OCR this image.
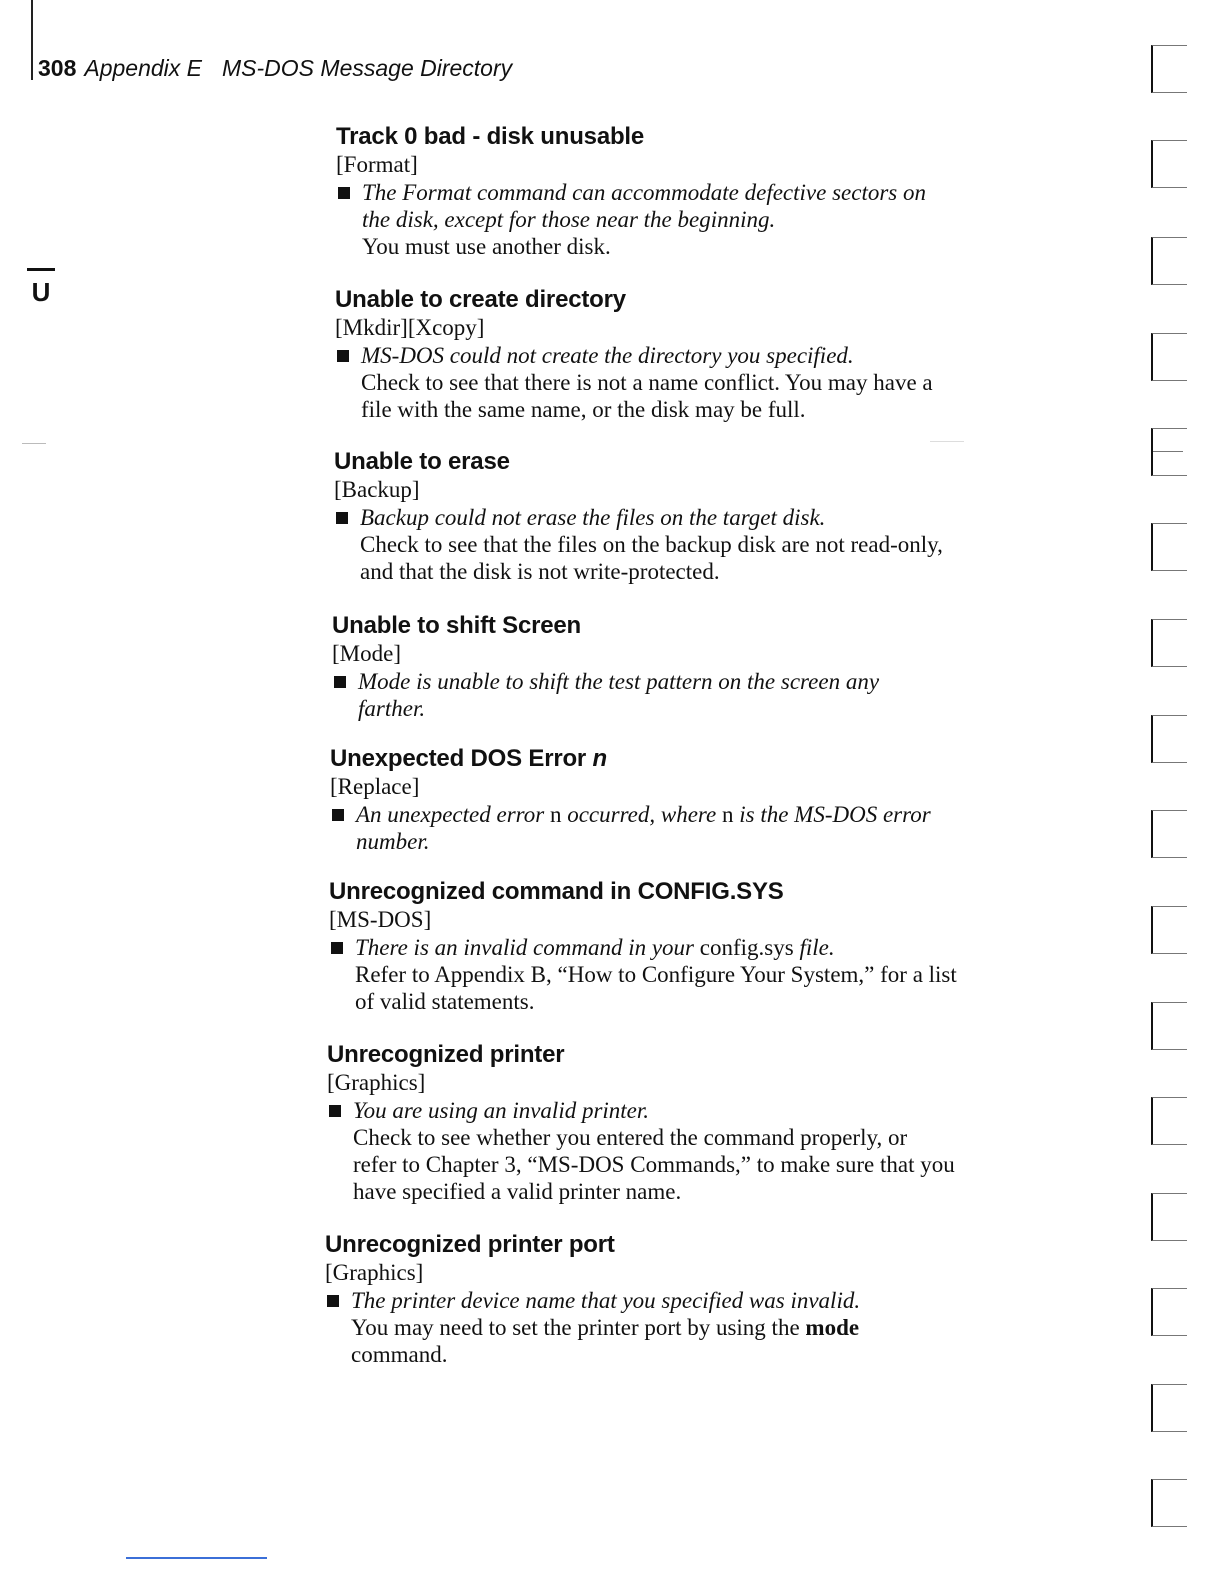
308 Appendix E MS-DOS Message Directory
U
Track 0 bad - disk unusable
[Format]
The Format command can accommodate defective sectors on
the disk, except for those near the beginning.
You must use another disk.
Unable to create directory
[Mkdir][Xcopy]
MS-DOS could not create the directory you specified.
Check to see that there is not a name conflict. You may have a
file with the same name, or the disk may be full.
Unable to erase
[Backup]
Backup could not erase the files on the target disk.
Check to see that the files on the backup disk are not read-only,
and that the disk is not write-protected.
Unable to shift Screen
[Mode]
Mode is unable to shift the test pattern on the screen any
farther.
Unexpected DOS Error n
[Replace]
An unexpected error n occurred, where n is the MS-DOS error
number.
Unrecognized command in CONFIG.SYS
[MS-DOS]
There is an invalid command in your config.sys file.
Refer to Appendix B, “How to Configure Your System,” for a list
of valid statements.
Unrecognized printer
[Graphics]
You are using an invalid printer.
Check to see whether you entered the command properly, or
refer to Chapter 3, “MS-DOS Commands,” to make sure that you
have specified a valid printer name.
Unrecognized printer port
[Graphics]
The printer device name that you specified was invalid.
You may need to set the printer port by using the mode
command.
